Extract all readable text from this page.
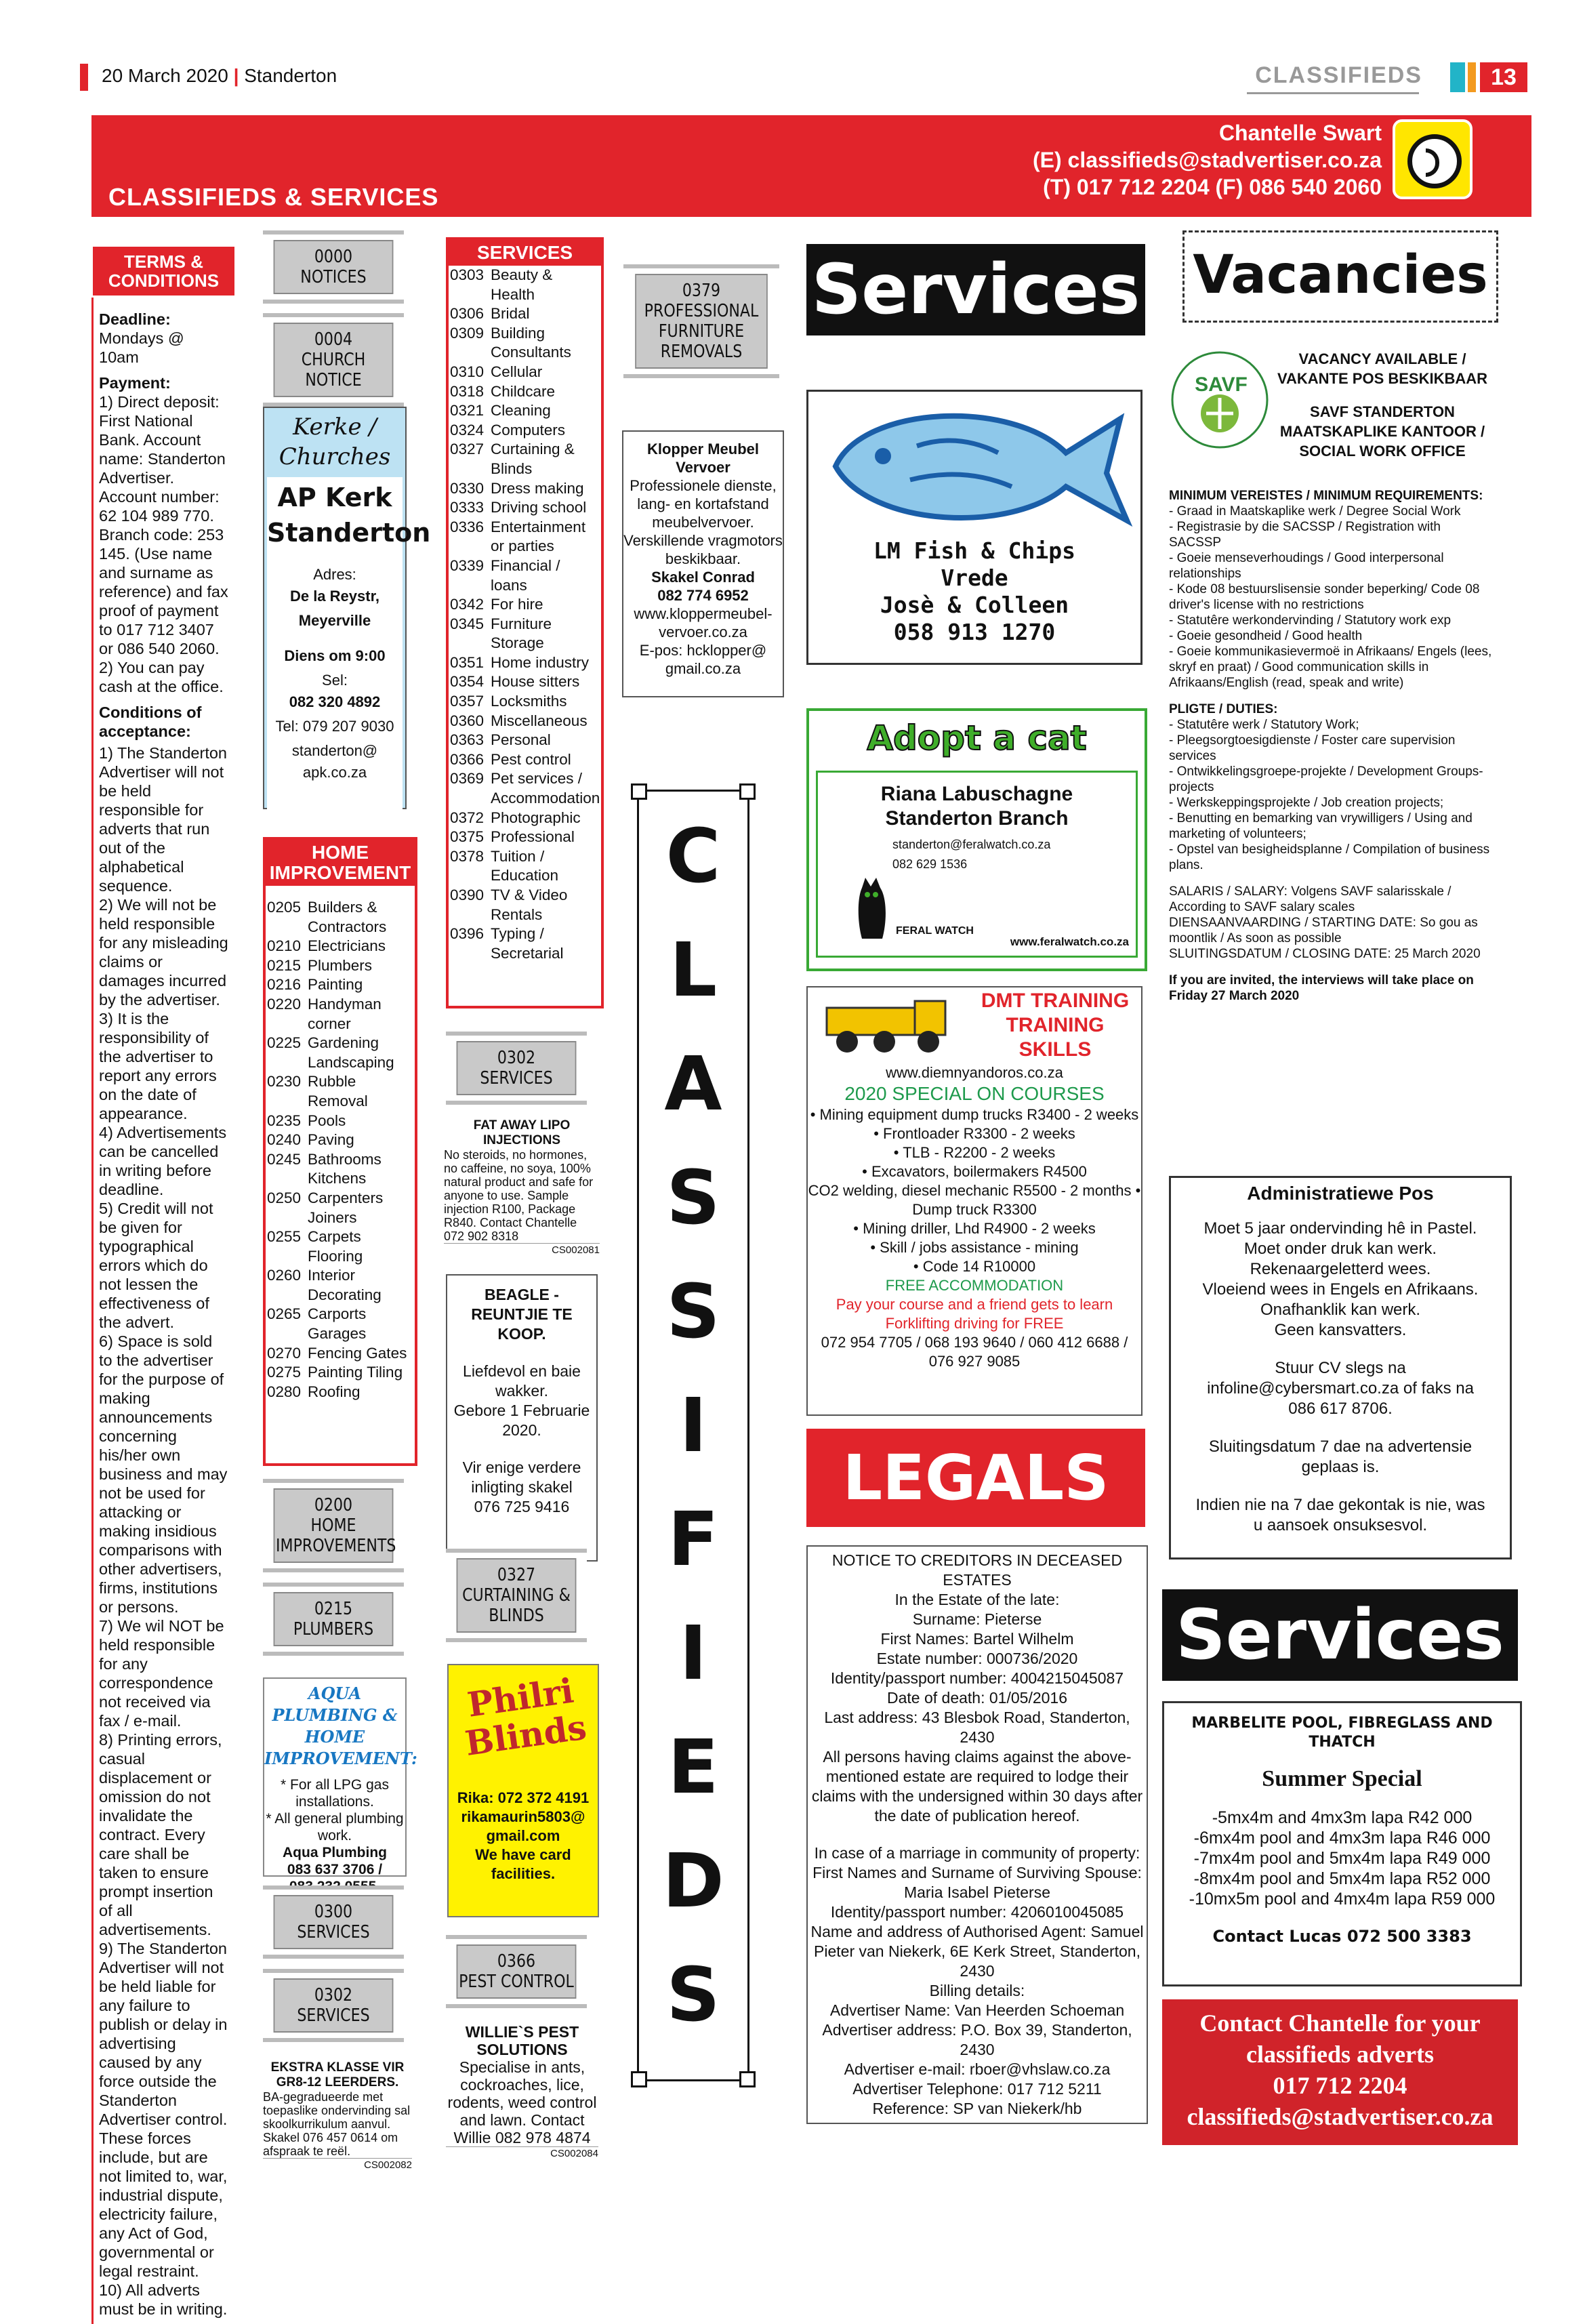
20 March 2020 | Standerton	CLASSIFIEDS	13
CLASSIFIEDS & SERVICES
Chantelle Swart
(E) classifieds@stadvertiser.co.za
(T) 017 712 2204 (F) 086 540 2060
TERMS & CONDITIONS

Deadline:
Mondays @ 10am

Payment:
1) Direct deposit: First National Bank. Account name: Standerton Advertiser. Account number: 62 104 989 770. Branch code: 253 145. (Use name and surname as reference) and fax proof of payment to 017 712 3407 or 086 540 2060.
2) You can pay cash at the office.

Conditions of acceptance:

1) The Standerton Advertiser will not be held responsible for adverts that run out of the alphabetical sequence.
2) We will not be held responsible for any misleading claims or damages incurred by the advertiser.
3) It is the responsibility of the advertiser to report any errors on the date of appearance.
4) Advertisements can be cancelled in writing before deadline.
5) Credit will not be given for typographical errors which do not lessen the effectiveness of the advert.
6) Space is sold to the advertiser for the purpose of making announcements concerning his/her own business and may not be used for attacking or making insidious comparisons with other advertisers, firms, institutions or persons.
7) We wil NOT be held responsible for any correspondence not received via fax / e-mail.
8) Printing errors, casual displacement or omission do not invalidate the contract. Every care shall be taken to ensure prompt insertion of all advertisements.
9) The Standerton Advertiser will not be held liable for any failure to publish or delay in advertising caused by any force outside the Standerton Advertiser control. These forces include, but are not limited to, war, industrial dispute, electricity failure, any Act of God, governmental or legal restraint.
10) All adverts must be in writing.
0000
NOTICES
0004
CHURCH NOTICE
Kerke / Churches
AP Kerk Standerton
Adres:
De la Reystr,
Meyerville
Diens om 9:00
Sel:
082 320 4892
Tel: 079 207 9030
standerton@
apk.co.za
HOME IMPROVEMENT
0205 Builders & Contractors
0210 Electricians
0215 Plumbers
0216 Painting
0220 Handyman corner
0225 Gardening Landscaping
0230 Rubble Removal
0235 Pools
0240 Paving
0245 Bathrooms Kitchens
0250 Carpenters Joiners
0255 Carpets Flooring
0260 Interior Decorating
0265 Carports Garages
0270 Fencing Gates
0275 Painting Tiling
0280 Roofing
0200
HOME IMPROVEMENTS
0215
PLUMBERS
AQUA PLUMBING & HOME IMPROVEMENT:
* For all LPG gas installations.
* All general plumbing work.
Aqua Plumbing
083 637 3706 /
0300
SERVICES
0302
SERVICES
EKSTRA KLASSE VIR GR8-12 LEERDERS.
BA-gegradueerde met toepaslike ondervinding sal skoolkurrikulum aanvul. Skakel 076 457 0614 om afspraak te reël.
CS002082
SERVICES
0303 Beauty & Health
0306 Bridal
0309 Building Consultants
0310 Cellular
0318 Childcare
0321 Cleaning
0324 Computers
0327 Curtaining & Blinds
0330 Dress making
0333 Driving school
0336 Entertainment or parties
0339 Financial / loans
0342 For hire
0345 Furniture Storage
0351 Home industry
0354 House sitters
0357 Locksmiths
0360 Miscellaneous
0363 Personal
0366 Pest control
0369 Pet services / Accommodation
0372 Photographic
0375 Professional
0378 Tuition / Education
0390 TV & Video Rentals
0396 Typing / Secretarial
0302
SERVICES
FAT AWAY LIPO INJECTIONS
No steroids, no hormones, no caffeine, no soya, 100% natural product and safe for anyone to use. Sample injection R100, Package R840. Contact Chantelle 072 902 8318
CS002081
BEAGLE - REUNTJIE TE KOOP.
Liefdevol en baie wakker.
Gebore 1 Februarie 2020.
Vir enige verdere inligting skakel
076 725 9416
0327
CURTAINING & BLINDS
Philri Blinds
Rika: 072 372 4191
rikamaurin5803@
gmail.com
We have card facilities.
0366
PEST CONTROL
WILLIE`S PEST SOLUTIONS
Specialise in ants, cockroaches, lice, rodents, weed control and lawn. Contact Willie 082 978 4874
CS002084
0379
PROFESSIONAL FURNITURE REMOVALS
Klopper Meubel Vervoer
Professionele dienste, lang- en kortafstand meubelvervoer. Verskillende vragmotors beskikbaar.
Skakel Conrad
082 774 6952
www.kloppermeubel-vervoer.co.za
E-pos: hcklopper@ gmail.co.za
C
L
A
S
S
I
F
I
E
D
S
Services
LM Fish & Chips
Vrede
Josè & Colleen
058 913 1270
Adopt a cat
Riana Labuschagne
Standerton Branch
standerton@feralwatch.co.za
082 629 1536
FERAL WATCH
www.feralwatch.co.za
DMT TRAINING TRAINING SKILLS
www.diemnyandoros.co.za
2020 SPECIAL ON COURSES
• Mining equipment dump trucks R3400 - 2 weeks
• Frontloader R3300 - 2 weeks
• TLB - R2200 - 2 weeks
• Excavators, boilermakers R4500
CO2 welding, diesel mechanic R5500 - 2 months • Dump truck R3300
• Mining driller, Lhd R4900 - 2 weeks
• Skill / jobs assistance - mining
• Code 14 R10000
FREE ACCOMMODATION
Pay your course and a friend gets to learn Forklifting driving for FREE
072 954 7705 / 068 193 9640 / 060 412 6688 / 076 927 9085
LEGALS
NOTICE TO CREDITORS IN DECEASED ESTATES
In the Estate of the late:
Surname: Pieterse
First Names: Bartel Wilhelm
Estate number: 000736/2020
Identity/passport number: 4004215045087
Date of death: 01/05/2016
Last address: 43 Blesbok Road, Standerton, 2430
All persons having claims against the above-mentioned estate are required to lodge their claims with the undersigned within 30 days after the date of publication hereof.
In case of a marriage in community of property:
First Names and Surname of Surviving Spouse: Maria Isabel Pieterse
Identity/passport number: 4206010045085
Name and address of Authorised Agent: Samuel Pieter van Niekerk, 6E Kerk Street, Standerton, 2430
Billing details:
Advertiser Name: Van Heerden Schoeman
Advertiser address: P.O. Box 39, Standerton, 2430
Advertiser e-mail: rboer@vhslaw.co.za
Advertiser Telephone: 017 712 5211
Reference: SP van Niekerk/hb
Vacancies
SAVF
VACANCY AVAILABLE / VAKANTE POS BESKIKBAAR
SAVF STANDERTON MAATSKAPLIKE KANTOOR / SOCIAL WORK OFFICE
MINIMUM VEREISTES / MINIMUM REQUIREMENTS:
- Graad in Maatskaplike werk / Degree Social Work
- Registrasie by die SACSSP / Registration with SACSSP
- Goeie menseverhoudings / Good interpersonal relationships
- Kode 08 bestuurslisensie sonder beperking/ Code 08 driver's license with no restrictions
- Statutêre werkondervinding / Statutory work exp
- Goeie gesondheid / Good health
- Goeie kommunikasievermoë in Afrikaans/ Engels (lees, skryf en praat) / Good communication skills in Afrikaans/English (read, speak and write)
PLIGTE / DUTIES:
- Statutêre werk / Statutory Work;
- Pleegsorgtoesigdienste / Foster care supervision services
- Ontwikkelingsgroepe-projekte / Development Groups-projects
- Werkskeppingsprojekte / Job creation projects;
- Benutting en bemarking van vrywilligers / Using and marketing of volunteers;
- Opstel van besigheidsplanne / Compilation of business plans.
SALARIS / SALARY: Volgens SAVF salarisskale / According to SAVF salary scales
DIENSAANVAARDING / STARTING DATE: So gou as moontlik / As soon as possible
SLUITINGSDATUM / CLOSING DATE: 25 March 2020
If you are invited, the interviews will take place on Friday 27 March 2020
Administratiewe Pos
Moet 5 jaar ondervinding hê in Pastel.
Moet onder druk kan werk.
Rekenaargeletterd wees.
Vloeiend wees in Engels en Afrikaans.
Onafhanklik kan werk.
Geen kansvatters.
Stuur CV slegs na infoline@cybersmart.co.za of faks na 086 617 8706.
Sluitingsdatum 7 dae na advertensie geplaas is.
Indien nie na 7 dae gekontak is nie, was u aansoek onsuksesvol.
Services
MARBELITE POOL, FIBREGLASS AND THATCH
Summer Special
-5mx4m and 4mx3m lapa R42 000
-6mx4m pool and 4mx3m lapa R46 000
-7mx4m pool and 5mx4m lapa R49 000
-8mx4m pool and 5mx4m lapa R52 000
-10mx5m pool and 4mx4m lapa R59 000
Contact Lucas 072 500 3383
Contact Chantelle for your
classifieds adverts
017 712 2204
classifieds@stadvertiser.co.za
